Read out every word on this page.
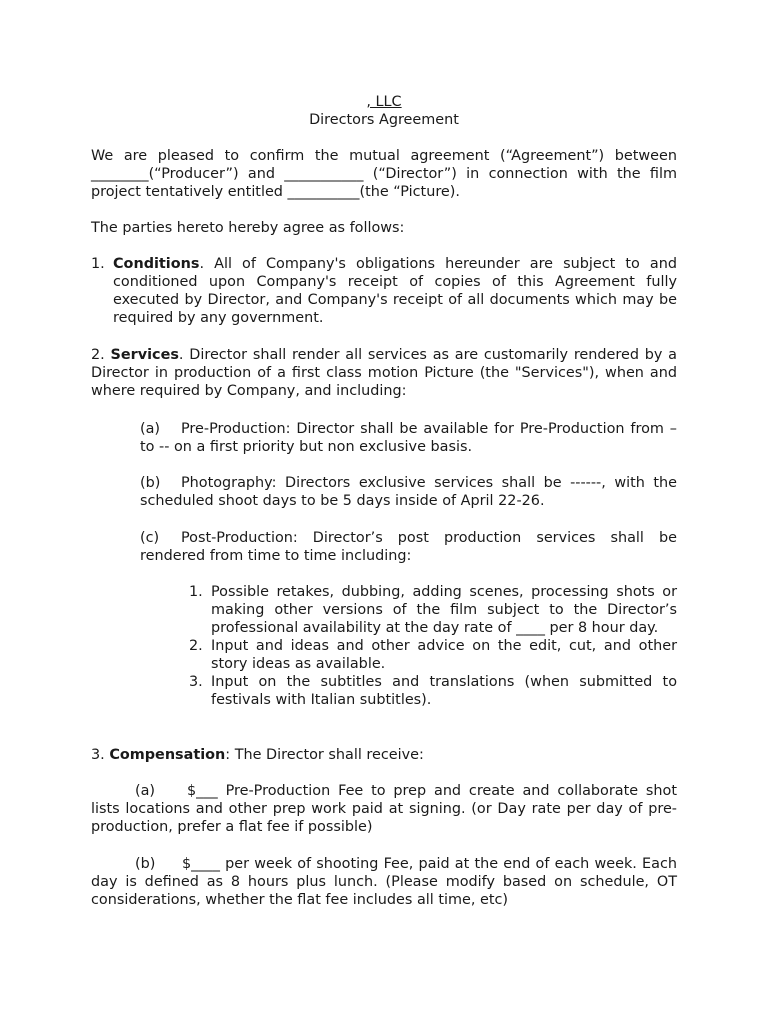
, LLC

Directors Agreement

We are pleased to confirm the mutual agreement (“Agreement”) between ________(“Producer”) and ___________ (“Director”) in connection with the film project tentatively entitled __________(the “Picture).

The parties hereto hereby agree as follows:

1. Conditions. All of Company's obligations hereunder are subject to and conditioned upon Company's receipt of copies of this Agreement fully executed by Director, and Company's receipt of all documents which may be required by any government.

2. Services. Director shall render all services as are customarily rendered by a Director in production of a first class motion Picture (the "Services"), when and where required by Company, and including:

(a) Pre-Production: Director shall be available for Pre-Production from – to -- on a first priority but non exclusive basis.

(b) Photography: Directors exclusive services shall be ------, with the scheduled shoot days to be 5 days inside of April 22-26.

(c) Post-Production: Director’s post production services shall be rendered from time to time including:

1. Possible retakes, dubbing, adding scenes, processing shots or making other versions of the film subject to the Director’s professional availability at the day rate of ____ per 8 hour day.
2. Input and ideas and other advice on the edit, cut, and other story ideas as available.
3. Input on the subtitles and translations (when submitted to festivals with Italian subtitles).

3. Compensation: The Director shall receive:

(a) $___ Pre-Production Fee to prep and create and collaborate shot lists locations and other prep work paid at signing. (or Day rate per day of pre-production, prefer a flat fee if possible)

(b) $____ per week of shooting Fee, paid at the end of each week. Each day is defined as 8 hours plus lunch. (Please modify based on schedule, OT considerations, whether the flat fee includes all time, etc)
